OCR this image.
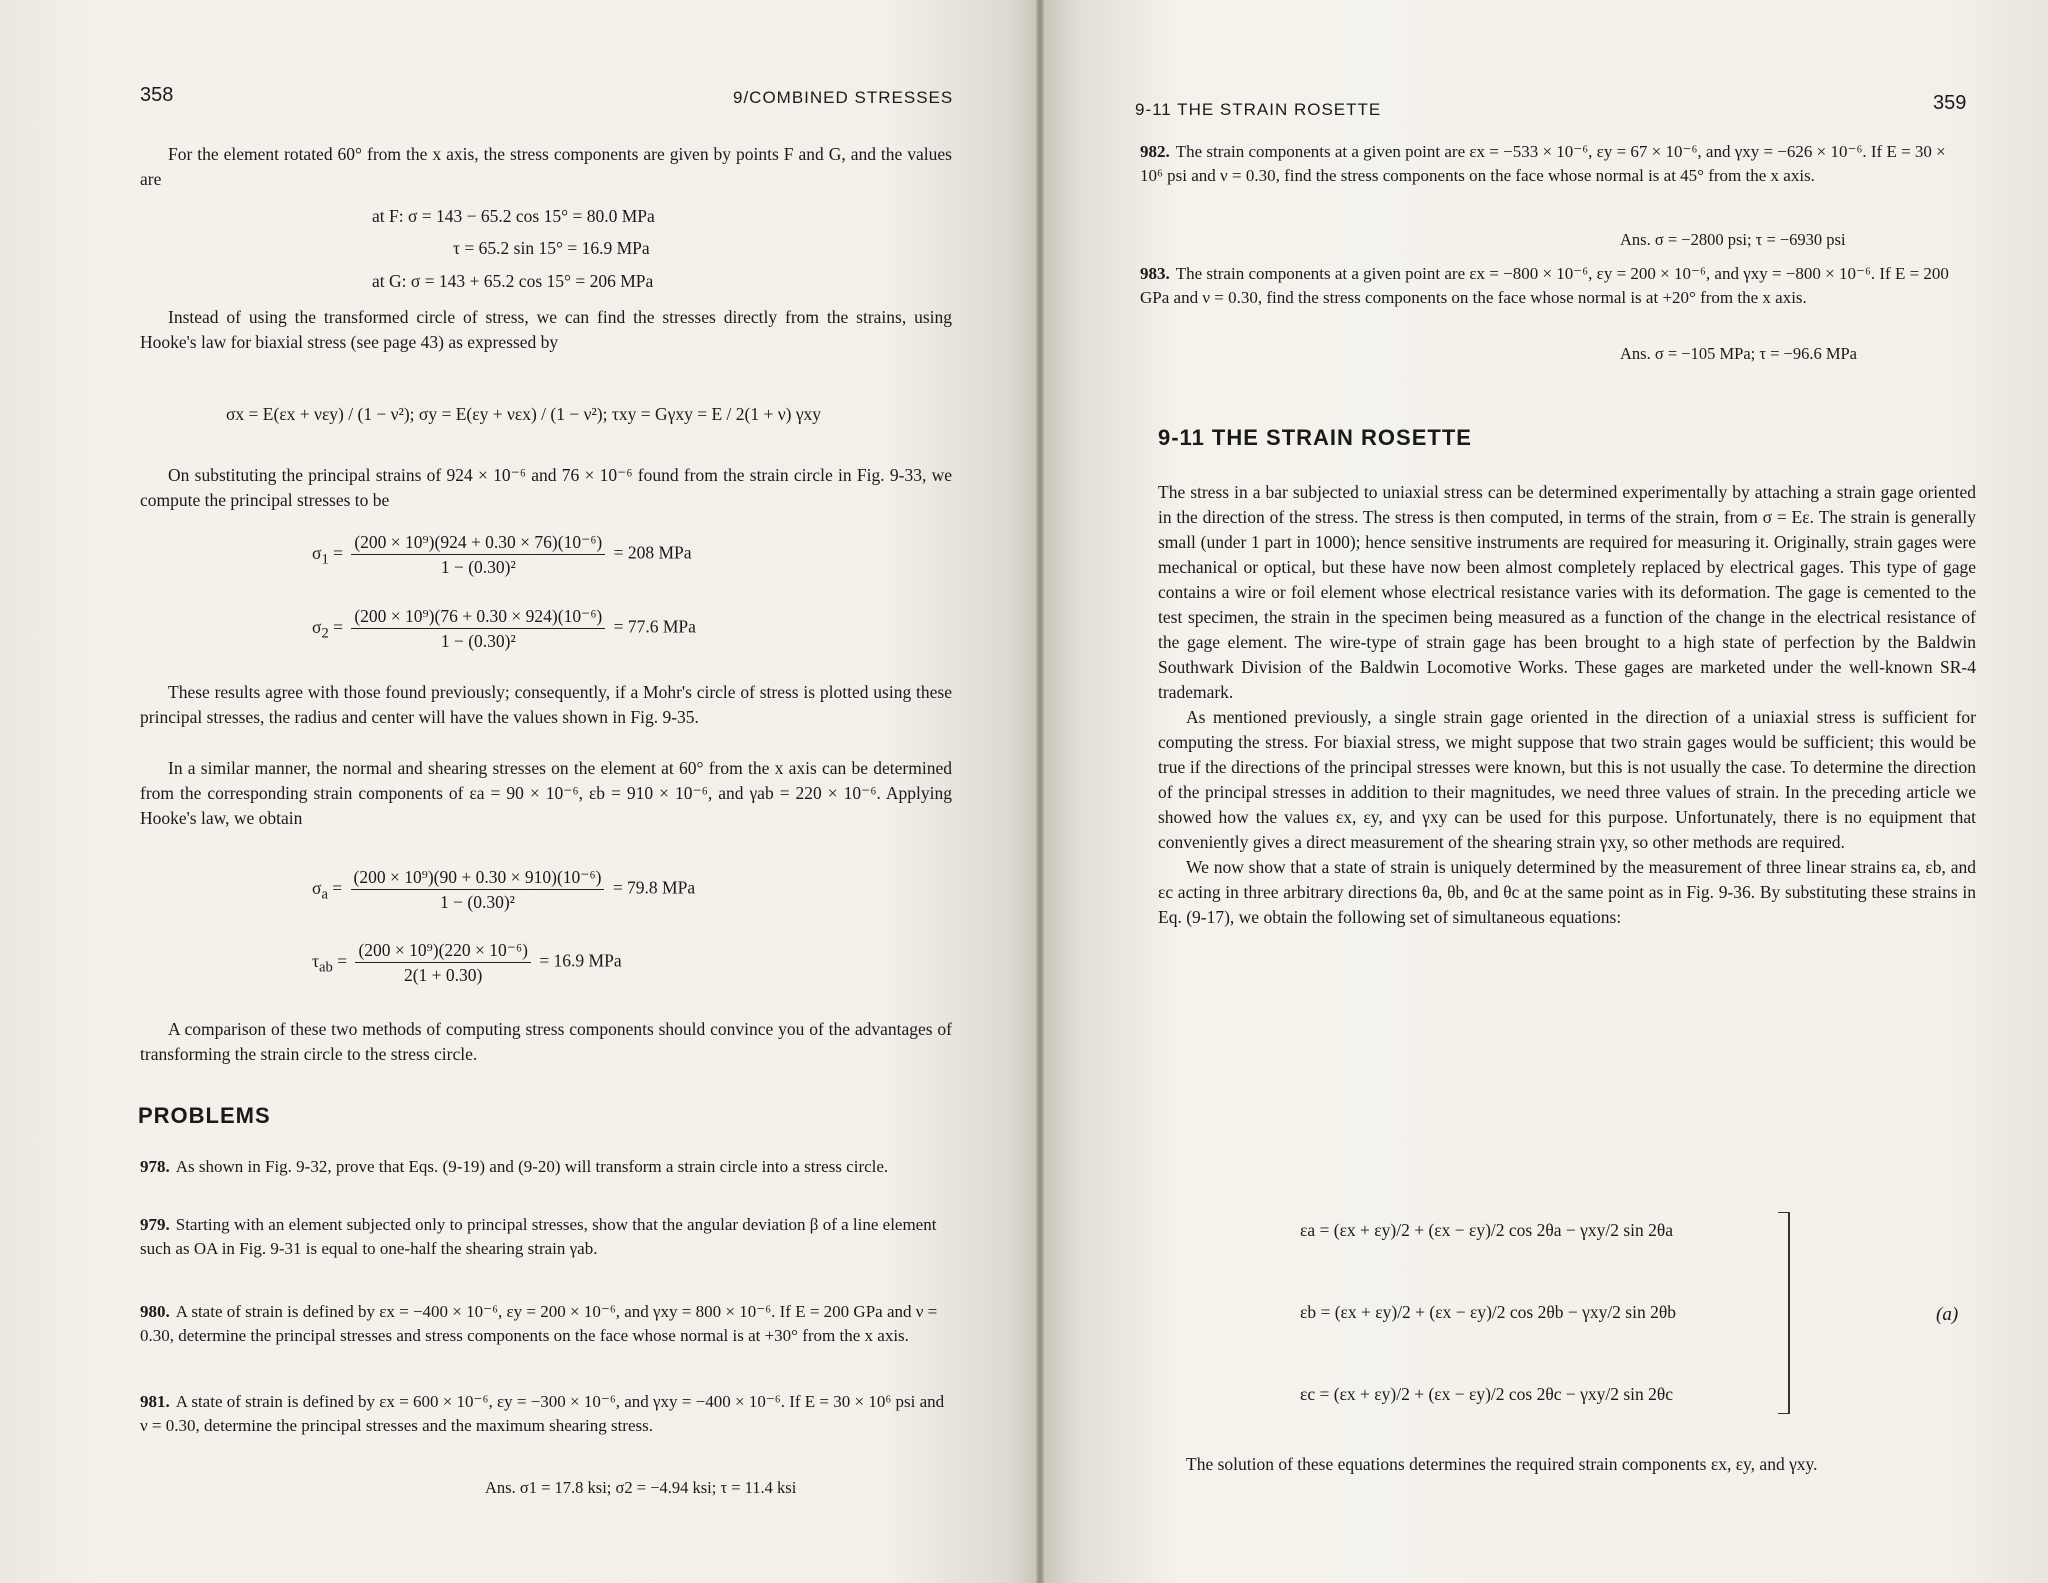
358	9/COMBINED STRESSES

For the element rotated 60° from the x axis, the stress components are given by points F and G, and the values are

at F: σ = 143 − 65.2 cos 15° = 80.0 MPa
τ = 65.2 sin 15° = 16.9 MPa
at G: σ = 143 + 65.2 cos 15° = 206 MPa

Instead of using the transformed circle of stress, we can find the stresses directly from the strains, using Hooke's law for biaxial stress (see page 43) as expressed by

σx = E(εx + νεy) / (1 − ν²); σy = E(εy + νεx) / (1 − ν²); τxy = Gγxy = E / 2(1 + ν) γxy

On substituting the principal strains of 924 × 10⁻⁶ and 76 × 10⁻⁶ found from the strain circle in Fig. 9-33, we compute the principal stresses to be

$\sigma_1 = \frac{\text{(200 × 10⁹)(924 + 0.30 × 76)(10⁻⁶)}}{\text{1 − (0.30)²}} = 208$ MPa
$\sigma_2 = \frac{\text{(200 × 10⁹)(76 + 0.30 × 924)(10⁻⁶)}}{\text{1 − (0.30)²}} = 77.6$ MPa

These results agree with those found previously; consequently, if a Mohr's circle of stress is plotted using these principal stresses, the radius and center will have the values shown in Fig. 9-35.

In a similar manner, the normal and shearing stresses on the element at 60° from the x axis can be determined from the corresponding strain components of εa = 90 × 10⁻⁶, εb = 910 × 10⁻⁶, and γab = 220 × 10⁻⁶. Applying Hooke's law, we obtain

$\sigma_a = \frac{\text{(200 × 10⁹)(90 + 0.30 × 910)(10⁻⁶)}}{\text{1 − (0.30)²}} = 79.8$ MPa
$\tau_{ab} = \frac{\text{(200 × 10⁹)(220 × 10⁻⁶)}}{2(1 + 0.30)} = 16.9$ MPa

A comparison of these two methods of computing stress components should convince you of the advantages of transforming the strain circle to the stress circle.

PROBLEMS
978. As shown in Fig. 9-32, prove that Eqs. (9-19) and (9-20) will transform a strain circle into a stress circle.
979. Starting with an element subjected only to principal stresses, show that the angular deviation β of a line element such as OA in Fig. 9-31 is equal to one-half the shearing strain γab.
980. A state of strain is defined by εx = −400 × 10⁻⁶, εy = 200 × 10⁻⁶, and γxy = 800 × 10⁻⁶. If E = 200 GPa and ν = 0.30, determine the principal stresses and stress components on the face whose normal is at +30° from the x axis.
981. A state of strain is defined by εx = 600 × 10⁻⁶, εy = −300 × 10⁻⁶, and γxy = −400 × 10⁻⁶. If E = 30 × 10⁶ psi and ν = 0.30, determine the principal stresses and the maximum shearing stress.
Ans. σ1 = 17.8 ksi; σ2 = −4.94 ksi; τ = 11.4 ksi
9-11 THE STRAIN ROSETTE	359
982. The strain components at a given point are εx = −533 × 10⁻⁶, εy = 67 × 10⁻⁶, and γxy = −626 × 10⁻⁶. If E = 30 × 10⁶ psi and ν = 0.30, find the stress components on the face whose normal is at 45° from the x axis.
Ans. σ = −2800 psi; τ = −6930 psi
983. The strain components at a given point are εx = −800 × 10⁻⁶, εy = 200 × 10⁻⁶, and γxy = −800 × 10⁻⁶. If E = 200 GPa and ν = 0.30, find the stress components on the face whose normal is at +20° from the x axis.
Ans. σ = −105 MPa; τ = −96.6 MPa
9-11 THE STRAIN ROSETTE

The stress in a bar subjected to uniaxial stress can be determined experimentally by attaching a strain gage oriented in the direction of the stress. The stress is then computed, in terms of the strain, from σ = Eε. The strain is generally small (under 1 part in 1000); hence sensitive instruments are required for measuring it. Originally, strain gages were mechanical or optical, but these have now been almost completely replaced by electrical gages. This type of gage contains a wire or foil element whose electrical resistance varies with its deformation. The gage is cemented to the test specimen, the strain in the specimen being measured as a function of the change in the electrical resistance of the gage element. The wire-type of strain gage has been brought to a high state of perfection by the Baldwin Southwark Division of the Baldwin Locomotive Works. These gages are marketed under the well-known SR-4 trademark.

As mentioned previously, a single strain gage oriented in the direction of a uniaxial stress is sufficient for computing the stress. For biaxial stress, we might suppose that two strain gages would be sufficient; this would be true if the directions of the principal stresses were known, but this is not usually the case. To determine the direction of the principal stresses in addition to their magnitudes, we need three values of strain. In the preceding article we showed how the values εx, εy, and γxy can be used for this purpose. Unfortunately, there is no equipment that conveniently gives a direct measurement of the shearing strain γxy, so other methods are required.

We now show that a state of strain is uniquely determined by the measurement of three linear strains εa, εb, and εc acting in three arbitrary directions θa, θb, and θc at the same point as in Fig. 9-36. By substituting these strains in Eq. (9-17), we obtain the following set of simultaneous equations:

εa = (εx + εy)/2 + (εx − εy)/2 cos 2θa − γxy/2 sin 2θa
εb = (εx + εy)/2 + (εx − εy)/2 cos 2θb − γxy/2 sin 2θb
εc = (εx + εy)/2 + (εx − εy)/2 cos 2θc − γxy/2 sin 2θc
(a)

The solution of these equations determines the required strain components εx, εy, and γxy.
